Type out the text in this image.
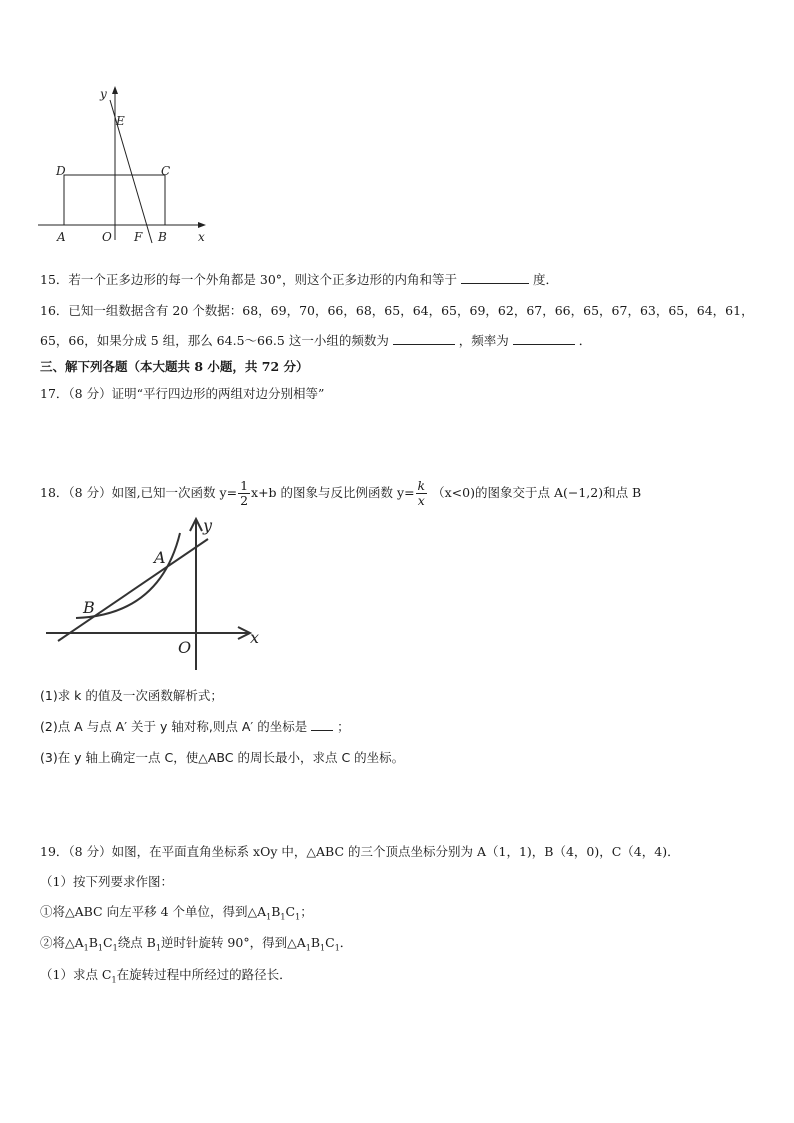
y
E
D	C
A	O F B	x
15．若一个正多边形的每一个外角都是 30°，则这个正多边形的内角和等于	度．
16．已知一组数据含有 20 个数据：68，69，70，66，68，65，64，65，69，62，67，66，65，67，63，65，64，61，
65，66，如果分成 5 组，那么 64.5～66.5 这一小组的频数为	，频率为	．
三、解下列各题（本大题共 8 小题，共 72 分）
17．（8 分）证明“平行四边形的两组对边分别相等”
18．（8 分）如图,已知一次函数 $y= \frac{1}{2} x+b$ 的图象与反比例函数 $y= \frac{k}{x} (x<0)$的图象交于点 A(−1,2)和点 B
y
A
B
O
x
(1)求 k 的值及一次函数解析式；
(2)点 A 与点 A′ 关于 y 轴对称,则点 A′ 的坐标是 ；
(3)在 y 轴上确定一点 C，使△ABC 的周长最小，求点 C 的坐标。
19．（8 分）如图，在平面直角坐标系 xOy 中，△ABC 的三个顶点坐标分别为 A（1，1)，B（4，0)，C（4，4)．
（1）按下列要求作图：
①将△ABC 向左平移 4 个单位，得到$\triangle A_1B_1C_1$；
②将$\triangle A_1B_1C_1$绕点 $B_1$逆时针旋转 90°，得到$\triangle A_1B_1C_1$．
（1）求点 $C_1$在旋转过程中所经过的路径长．
